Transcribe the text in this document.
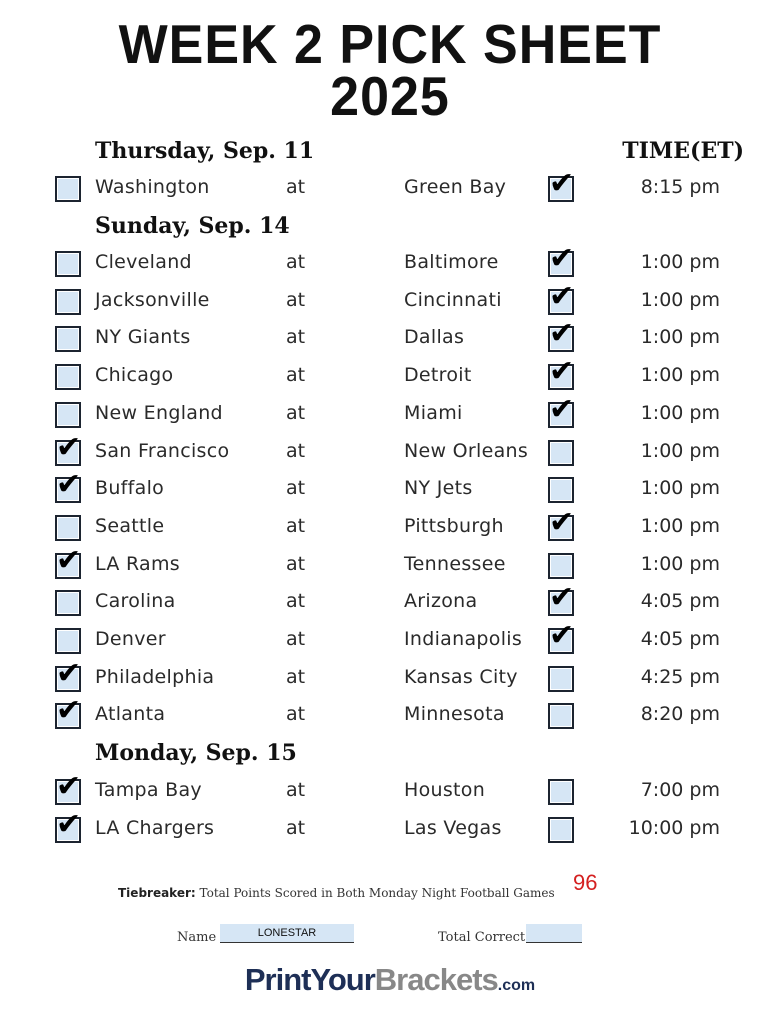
WEEK 2 PICK SHEET
2025
TIME(ET)
Thursday, Sep. 11
Washington	at	Green Bay ✔	8:15 pm
Sunday, Sep. 14
Cleveland	at	Baltimore ✔	1:00 pm
Jacksonville	at	Cincinnati ✔	1:00 pm
NY Giants	at	Dallas	✔	1:00 pm
Chicago	at	Detroit	✔	1:00 pm
New England	at	Miami	✔	1:00 pm
✔ San Francisco	at	New Orleans	1:00 pm
✔ Buffalo	at	NY Jets	1:00 pm
Seattle	at	Pittsburgh ✔	1:00 pm
✔ LA Rams	at	Tennessee	1:00 pm
Carolina	at	Arizona ✔	4:05 pm
Denver	at	Indianapolis ✔	4:05 pm
✔ Philadelphia	at	Kansas City	4:25 pm
✔ Atlanta	at	Minnesota	8:20 pm
Monday, Sep. 15
✔ Tampa Bay	at	Houston	7:00 pm
✔ LA Chargers	at	Las Vegas	10:00 pm
Tiebreaker: Total Points Scored in Both Monday Night Football Games 96
Name	LONESTAR	Total Correct
PrintYourBrackets.com
